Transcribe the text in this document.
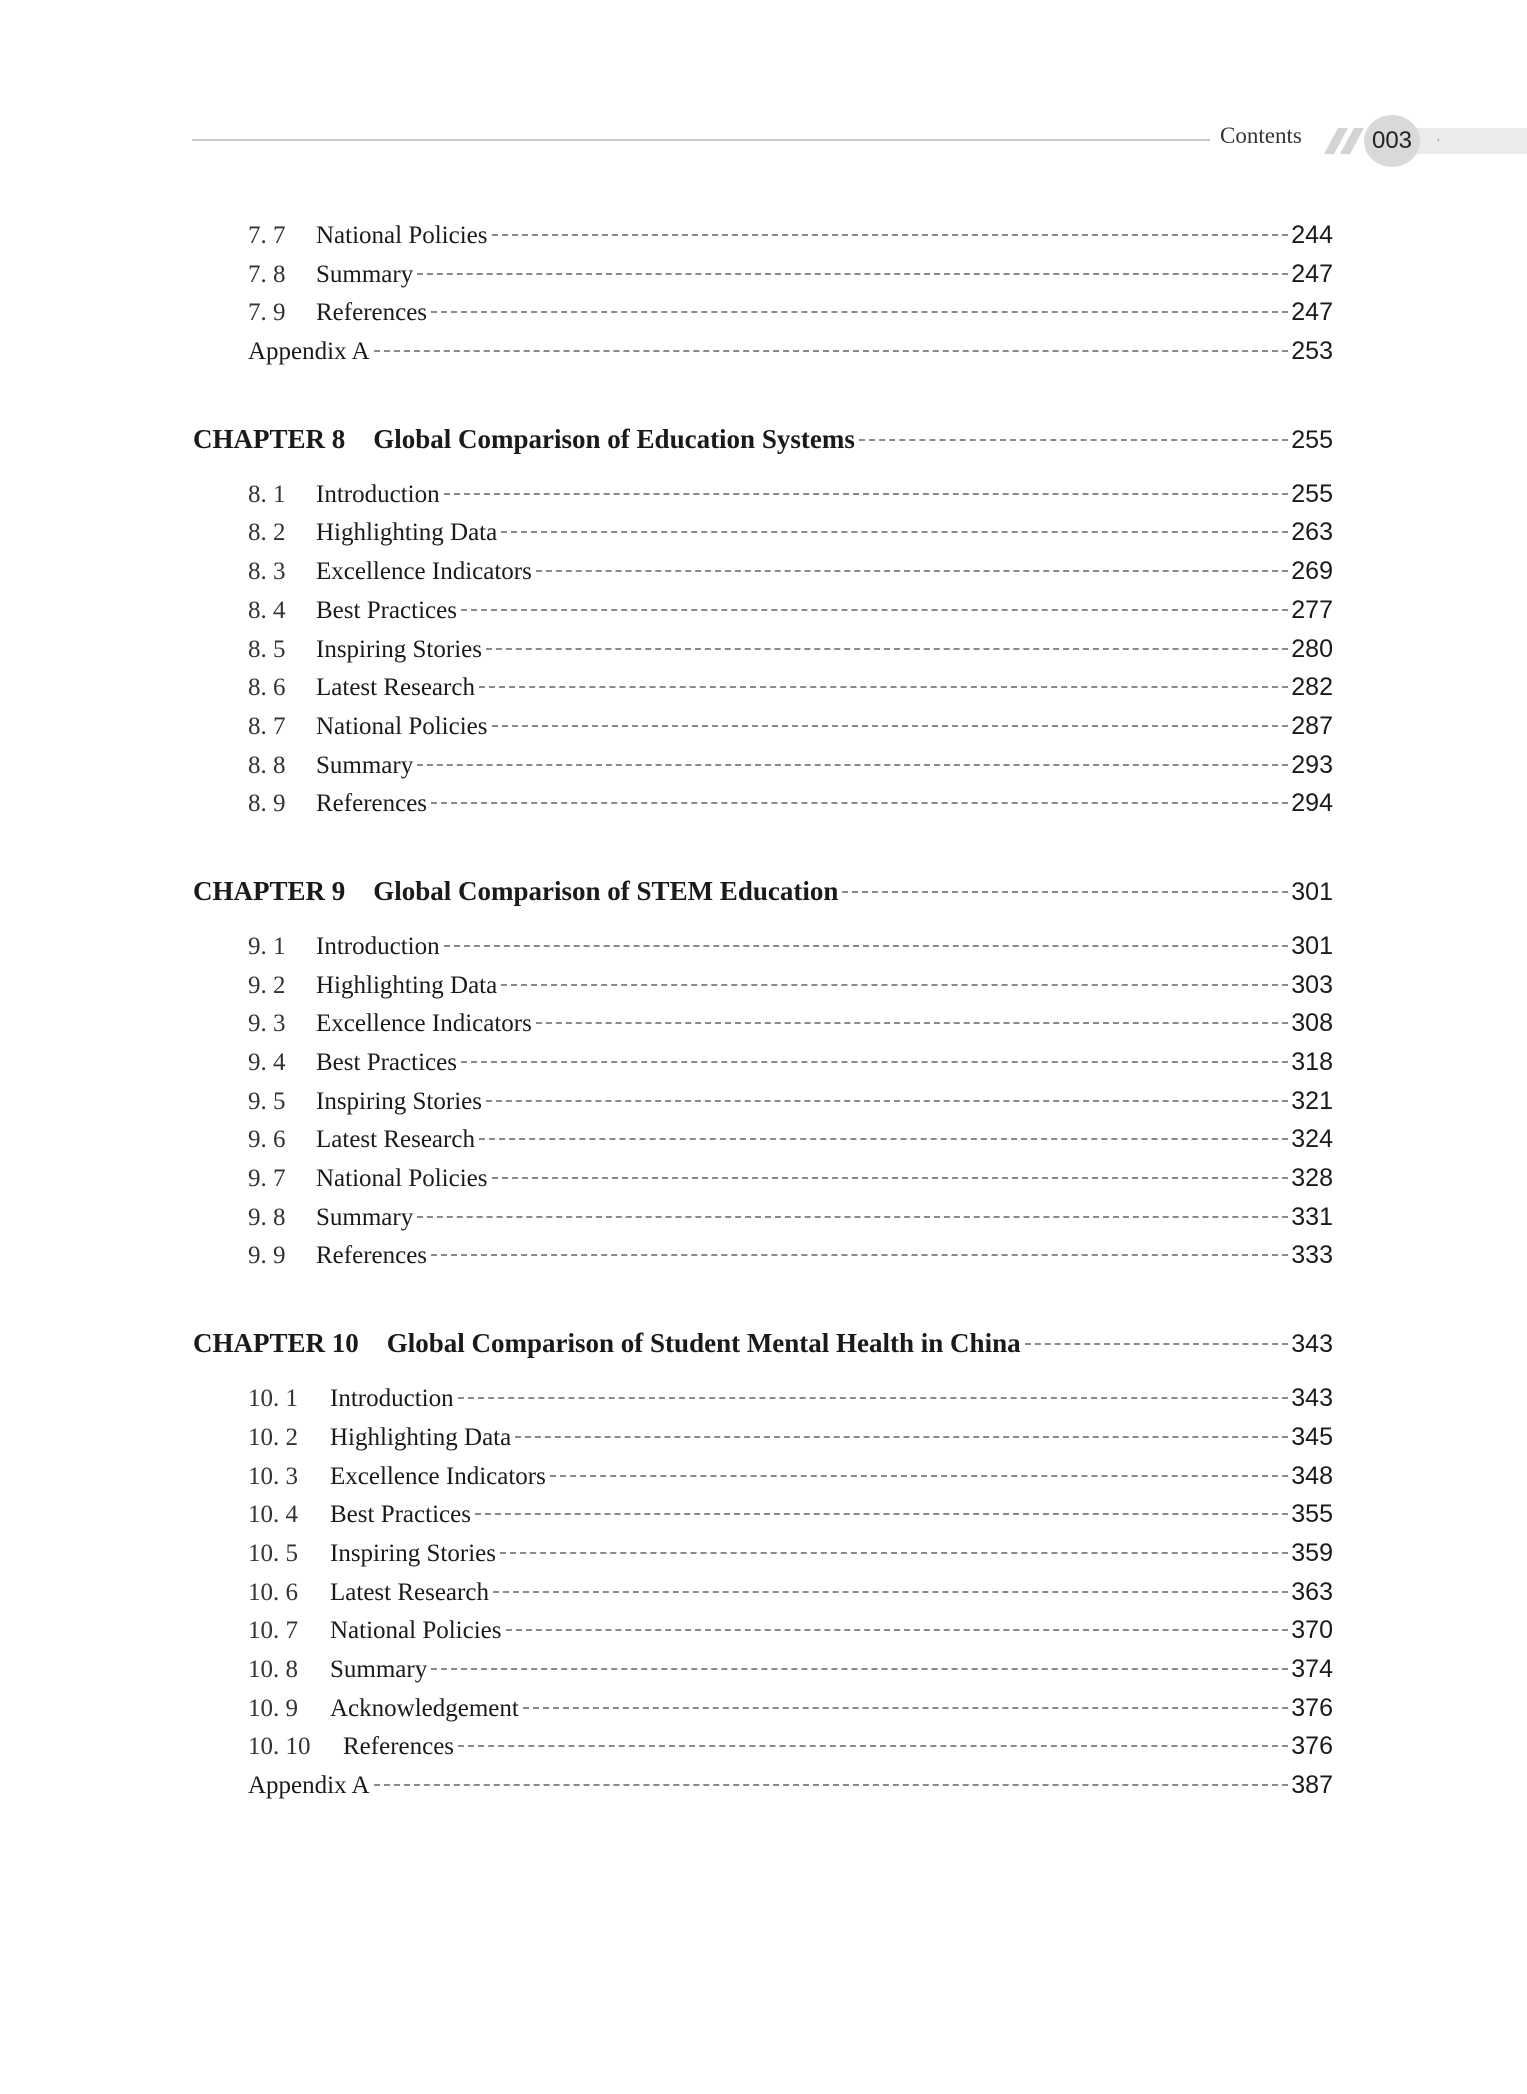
Contents	003	·
7. 7	National Policies	244
7. 8	Summary	247
7. 9	References	247
Appendix A	253
CHAPTER 8 Global Comparison of Education Systems	255
8. 1	Introduction	255
8. 2	Highlighting Data	263
8. 3	Excellence Indicators	269
8. 4	Best Practices	277
8. 5	Inspiring Stories	280
8. 6	Latest Research	282
8. 7	National Policies	287
8. 8	Summary	293
8. 9	References	294
CHAPTER 9 Global Comparison of STEM Education	301
9. 1	Introduction	301
9. 2	Highlighting Data	303
9. 3	Excellence Indicators	308
9. 4	Best Practices	318
9. 5	Inspiring Stories	321
9. 6	Latest Research	324
9. 7	National Policies	328
9. 8	Summary	331
9. 9	References	333
CHAPTER 10 Global Comparison of Student Mental Health in China	343
10. 1	Introduction	343
10. 2	Highlighting Data	345
10. 3	Excellence Indicators	348
10. 4	Best Practices	355
10. 5	Inspiring Stories	359
10. 6	Latest Research	363
10. 7	National Policies	370
10. 8	Summary	374
10. 9	Acknowledgement	376
10. 10	References	376
Appendix A	387
